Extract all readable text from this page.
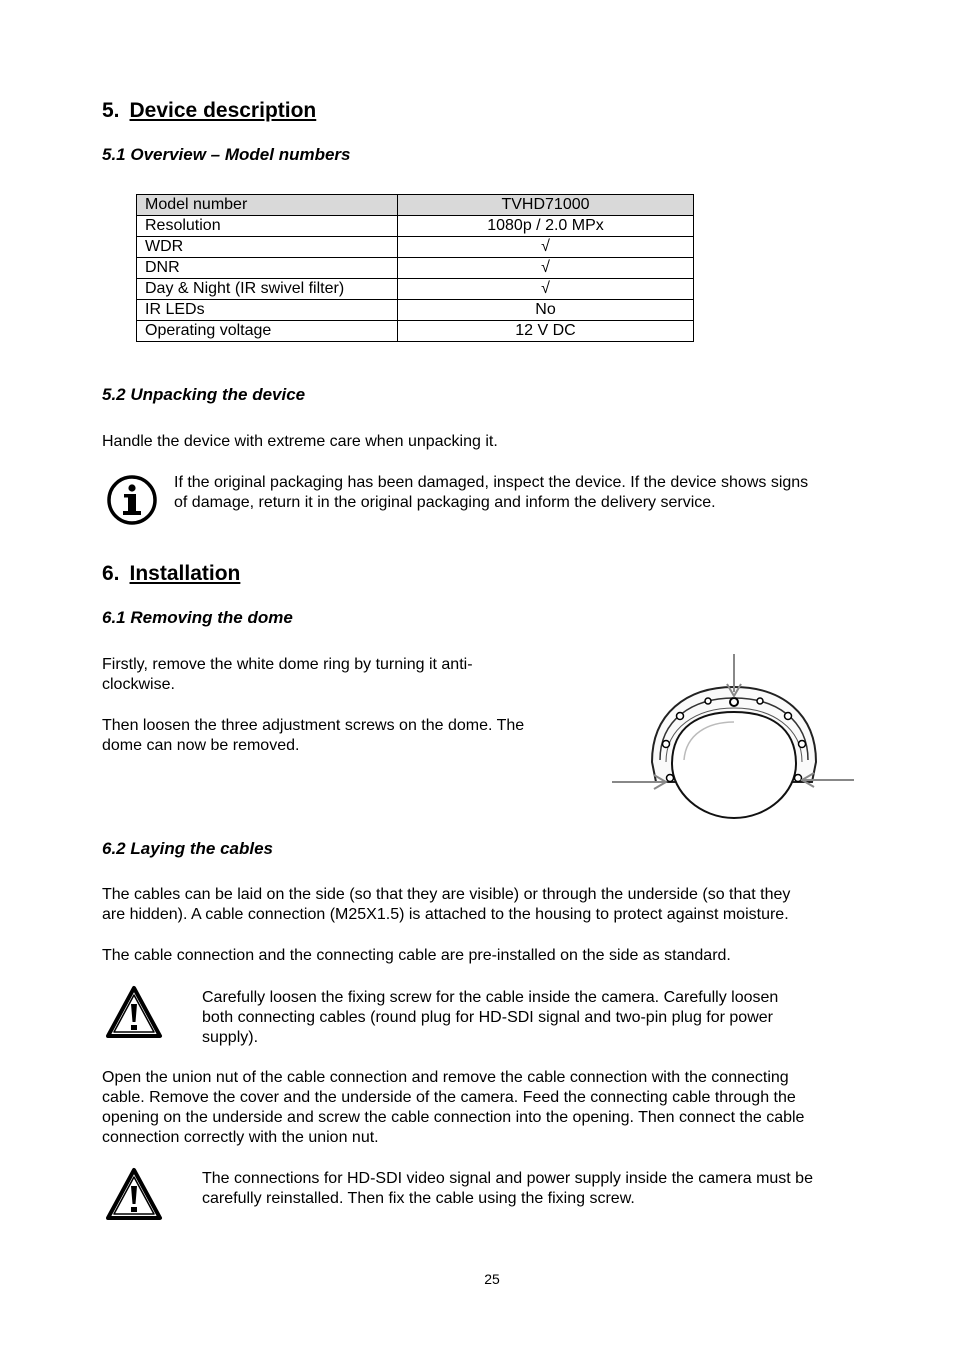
5. Device description
5.1 Overview – Model numbers
Model number	TVHD71000
Resolution	1080p / 2.0 MPx
WDR	√
DNR	√
Day & Night (IR swivel filter)	√
IR LEDs	No
Operating voltage	12 V DC
5.2 Unpacking the device
Handle the device with extreme care when unpacking it.
If the original packaging has been damaged, inspect the device. If the device shows signs
of damage, return it in the original packaging and inform the delivery service.
6. Installation
6.1 Removing the dome
Firstly, remove the white dome ring by turning it anti-
clockwise.
Then loosen the three adjustment screws on the dome. The
dome can now be removed.
6.2 Laying the cables
The cables can be laid on the side (so that they are visible) or through the underside (so that they
are hidden). A cable connection (M25X1.5) is attached to the housing to protect against moisture.
The cable connection and the connecting cable are pre-installed on the side as standard.
Carefully loosen the fixing screw for the cable inside the camera. Carefully loosen
both connecting cables (round plug for HD-SDI signal and two-pin plug for power
supply).
Open the union nut of the cable connection and remove the cable connection with the connecting
cable. Remove the cover and the underside of the camera. Feed the connecting cable through the
opening on the underside and screw the cable connection into the opening. Then connect the cable
connection correctly with the union nut.
The connections for HD-SDI video signal and power supply inside the camera must be
carefully reinstalled. Then fix the cable using the fixing screw.
25
